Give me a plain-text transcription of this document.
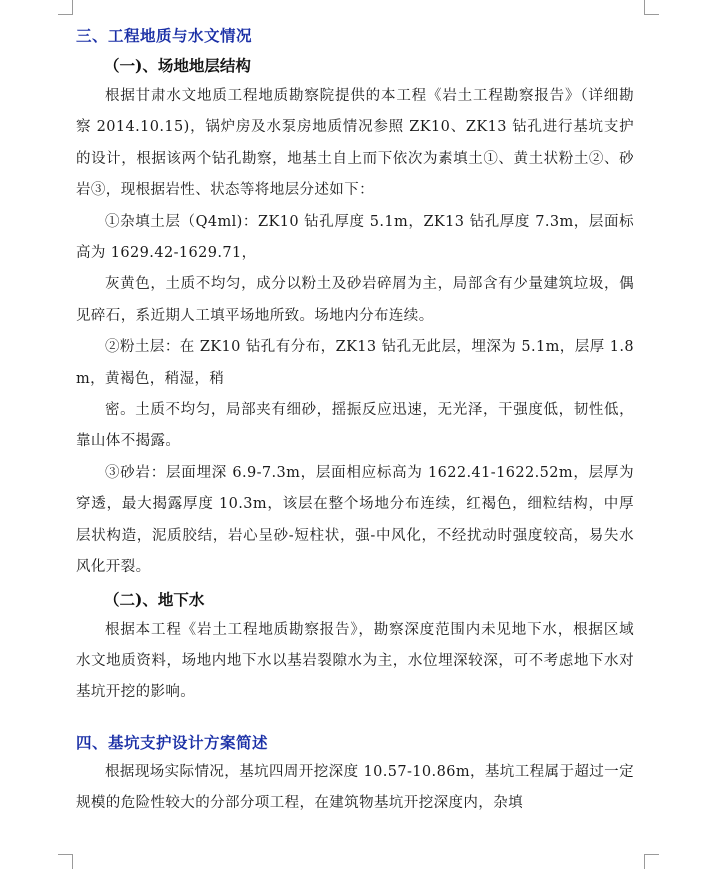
三、工程地质与水文情况
（一)、场地地层结构
根据甘肃水文地质工程地质勘察院提供的本工程《岩土工程勘察报告》（详细勘察 2014.10.15)，锅炉房及水泵房地质情况参照 ZK10、ZK13 钻孔进行基坑支护的设计，根据该两个钻孔勘察，地基土自上而下依次为素填土①、黄土状粉土②、砂岩③，现根据岩性、状态等将地层分述如下：
①杂填土层（Q4ml)：ZK10 钻孔厚度 5.1m，ZK13 钻孔厚度 7.3m，层面标高为 1629.42-1629.71，
灰黄色，土质不均匀，成分以粉土及砂岩碎屑为主，局部含有少量建筑垃圾，偶见碎石，系近期人工填平场地所致。场地内分布连续。
②粉土层：在 ZK10 钻孔有分布，ZK13 钻孔无此层，埋深为 5.1m，层厚 1.8m，黄褐色，稍湿，稍
密。土质不均匀，局部夹有细砂，摇振反应迅速，无光泽，干强度低，韧性低，靠山体不揭露。
③砂岩：层面埋深 6.9-7.3m，层面相应标高为 1622.41-1622.52m，层厚为穿透，最大揭露厚度 10.3m，该层在整个场地分布连续，红褐色，细粒结构，中厚层状构造，泥质胶结，岩心呈砂-短柱状，强-中风化，不经扰动时强度较高，易失水风化开裂。
（二)、地下水
根据本工程《岩土工程地质勘察报告》，勘察深度范围内未见地下水，根据区域水文地质资料，场地内地下水以基岩裂隙水为主，水位埋深较深，可不考虑地下水对基坑开挖的影响。
四、基坑支护设计方案简述
根据现场实际情况，基坑四周开挖深度 10.57-10.86m，基坑工程属于超过一定规模的危险性较大的分部分项工程，在建筑物基坑开挖深度内，杂填
